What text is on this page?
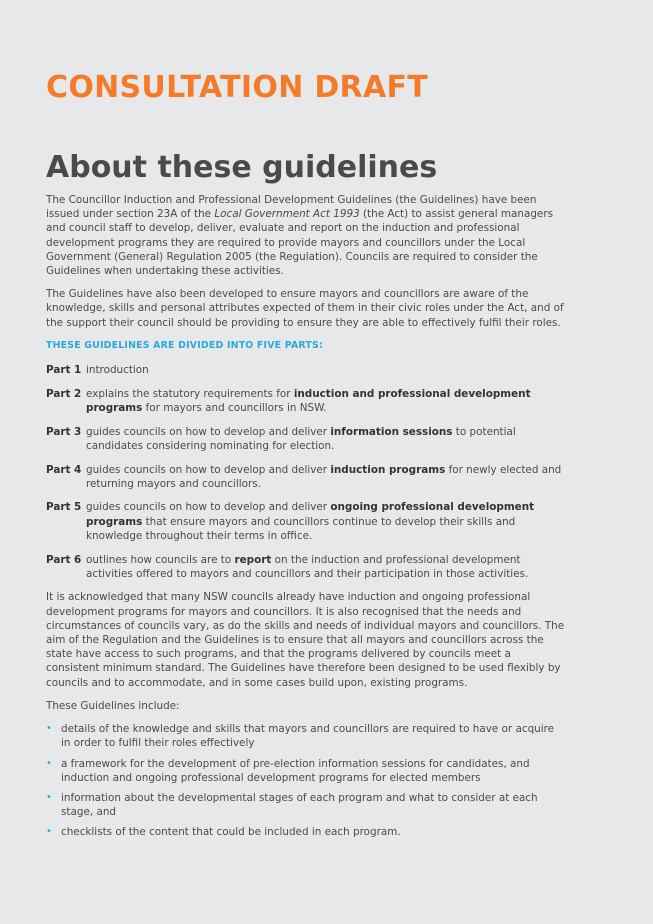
CONSULTATION DRAFT
About these guidelines

The Councillor Induction and Professional Development Guidelines (the Guidelines) have been issued under section 23A of the Local Government Act 1993 (the Act) to assist general managers and council staff to develop, deliver, evaluate and report on the induction and professional development programs they are required to provide mayors and councillors under the Local Government (General) Regulation 2005 (the Regulation). Councils are required to consider the Guidelines when undertaking these activities.

The Guidelines have also been developed to ensure mayors and councillors are aware of the knowledge, skills and personal attributes expected of them in their civic roles under the Act, and of the support their council should be providing to ensure they are able to effectively fulfil their roles.

THESE GUIDELINES ARE DIVIDED INTO FIVE PARTS:
Part 1 introduction
Part 2 explains the statutory requirements for induction and professional development programs for mayors and councillors in NSW.
Part 3 guides councils on how to develop and deliver information sessions to potential candidates considering nominating for election.
Part 4 guides councils on how to develop and deliver induction programs for newly elected and returning mayors and councillors.
Part 5 guides councils on how to develop and deliver ongoing professional development programs that ensure mayors and councillors continue to develop their skills and knowledge throughout their terms in office.
Part 6 outlines how councils are to report on the induction and professional development activities offered to mayors and councillors and their participation in those activities.

It is acknowledged that many NSW councils already have induction and ongoing professional development programs for mayors and councillors. It is also recognised that the needs and circumstances of councils vary, as do the skills and needs of individual mayors and councillors. The aim of the Regulation and the Guidelines is to ensure that all mayors and councillors across the state have access to such programs, and that the programs delivered by councils meet a consistent minimum standard. The Guidelines have therefore been designed to be used flexibly by councils and to accommodate, and in some cases build upon, existing programs.

These Guidelines include:

• details of the knowledge and skills that mayors and councillors are required to have or acquire in order to fulfil their roles effectively
• a framework for the development of pre-election information sessions for candidates, and induction and ongoing professional development programs for elected members
• information about the developmental stages of each program and what to consider at each stage, and
• checklists of the content that could be included in each program.
